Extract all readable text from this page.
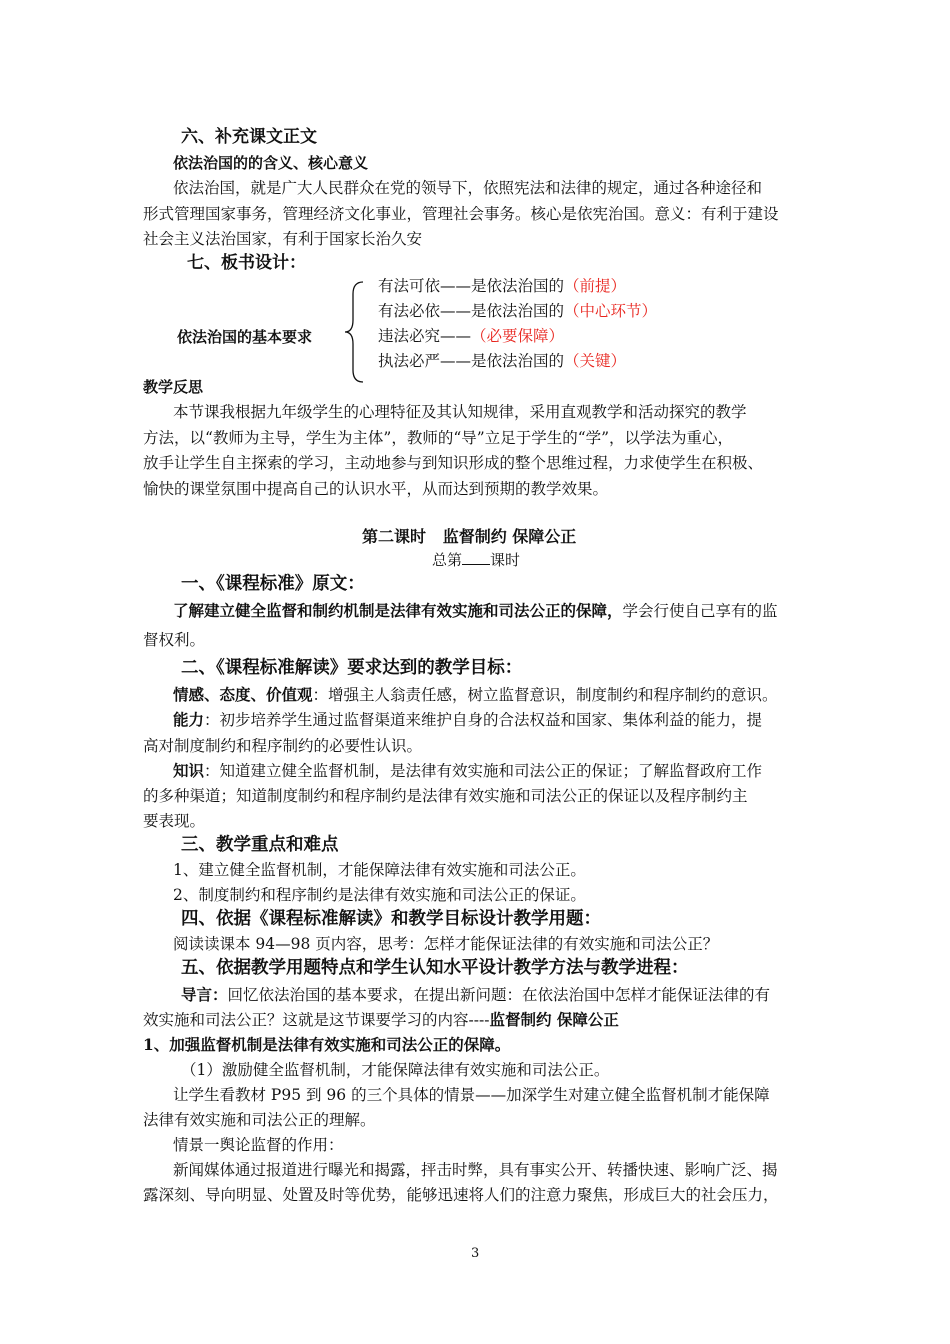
六、补充课文正文
依法治国的的含义、核心意义
依法治国，就是广大人民群众在党的领导下，依照宪法和法律的规定，通过各种途径和
形式管理国家事务，管理经济文化事业，管理社会事务。核心是依宪治国。意义：有利于建设
社会主义法治国家，有利于国家长治久安
七、板书设计：
依法治国的基本要求
有法可依——是依法治国的（前提）
有法必依——是依法治国的（中心环节）
违法必究——（必要保障）
执法必严——是依法治国的（关键）
教学反思
本节课我根据九年级学生的心理特征及其认知规律，采用直观教学和活动探究的教学
方法，以“教师为主导，学生为主体”，教师的“导”立足于学生的“学”，以学法为重心，
放手让学生自主探索的学习，主动地参与到知识形成的整个思维过程，力求使学生在积极、
愉快的课堂氛围中提高自己的认识水平，从而达到预期的教学效果。
第二课时   监督制约 保障公正
总第 课时
一、《课程标准》原文：
了解建立健全监督和制约机制是法律有效实施和司法公正的保障，学会行使自己享有的监
督权利。
二、《课程标准解读》要求达到的教学目标：
情感、态度、价值观：增强主人翁责任感，树立监督意识，制度制约和程序制约的意识。
能力：初步培养学生通过监督渠道来维护自身的合法权益和国家、集体利益的能力，提
高对制度制约和程序制约的必要性认识。
知识：知道建立健全监督机制，是法律有效实施和司法公正的保证；了解监督政府工作
的多种渠道；知道制度制约和程序制约是法律有效实施和司法公正的保证以及程序制约主
要表现。
三、教学重点和难点
1、建立健全监督机制，才能保障法律有效实施和司法公正。
2、制度制约和程序制约是法律有效实施和司法公正的保证。
四、依据《课程标准解读》和教学目标设计教学用题：
阅读读课本 94—98 页内容，思考：怎样才能保证法律的有效实施和司法公正？
五、依据教学用题特点和学生认知水平设计教学方法与教学进程：
导言：回忆依法治国的基本要求，在提出新问题：在依法治国中怎样才能保证法律的有
效实施和司法公正？这就是这节课要学习的内容----监督制约 保障公正
1、加强监督机制是法律有效实施和司法公正的保障。
（1）激励健全监督机制，才能保障法律有效实施和司法公正。
让学生看教材 P95 到 96 的三个具体的情景——加深学生对建立健全监督机制才能保障
法律有效实施和司法公正的理解。
情景一舆论监督的作用：
新闻媒体通过报道进行曝光和揭露，抨击时弊，具有事实公开、转播快速、影响广泛、揭
露深刻、导向明显、处置及时等优势，能够迅速将人们的注意力聚焦，形成巨大的社会压力，
3
